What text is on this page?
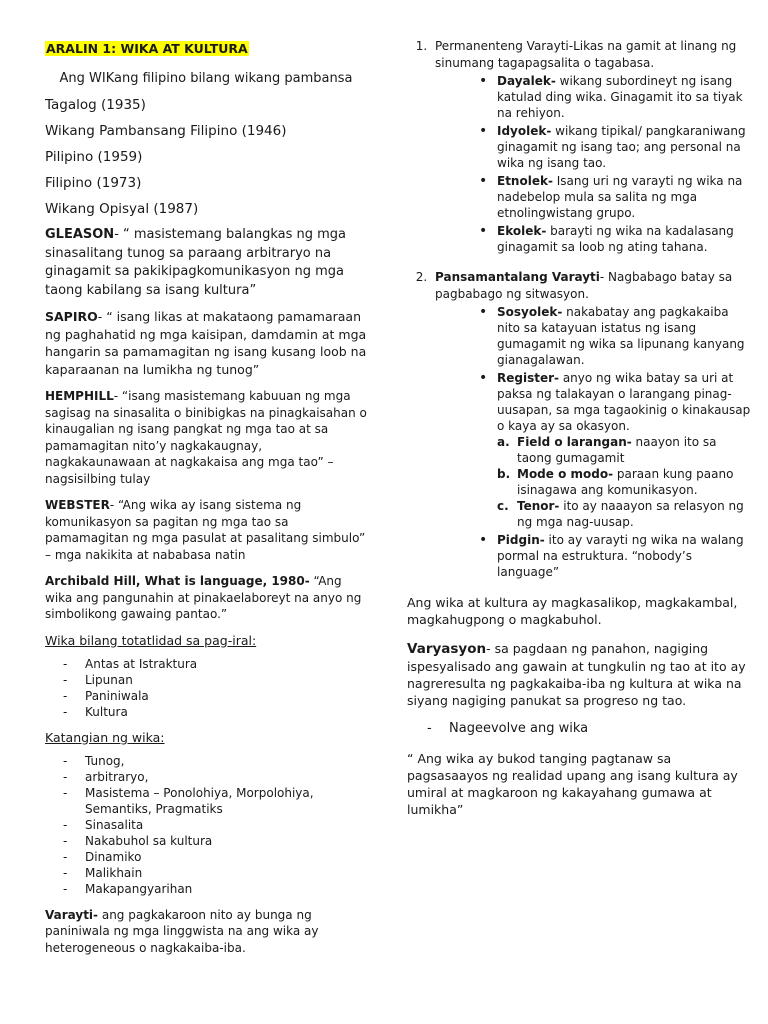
ARALIN 1: WIKA AT KULTURA

Ang WIKang filipino bilang wikang pambansa

Tagalog (1935)

Wikang Pambansang Filipino (1946)

Pilipino (1959)

Filipino (1973)

Wikang Opisyal (1987)

GLEASON- “ masistemang balangkas ng mga sinasalitang tunog sa paraang arbitraryo na ginagamit sa pakikipagkomunikasyon ng mga taong kabilang sa isang kultura”

SAPIRO- “ isang likas at makataong pamamaraan ng paghahatid ng mga kaisipan, damdamin at mga hangarin sa pamamagitan ng isang kusang loob na kaparaanan na lumikha ng tunog”

HEMPHILL- “isang masistemang kabuuan ng mga sagisag na sinasalita o binibigkas na pinagkaisahan o kinaugalian ng isang pangkat ng mga tao at sa pamamagitan nito’y nagkakaugnay, nagkakaunawaan at nagkakaisa ang mga tao” – nagsisilbing tulay

WEBSTER- “Ang wika ay isang sistema ng komunikasyon sa pagitan ng mga tao sa pamamagitan ng mga pasulat at pasalitang simbulo” – mga nakikita at nababasa natin

Archibald Hill, What is language, 1980- “Ang wika ang pangunahin at pinakaelaboreyt na anyo ng simbolikong gawaing pantao.”

Wika bilang totatlidad sa pag-iral:

- Antas at Istraktura
- Lipunan
- Paniniwala
- Kultura

Katangian ng wika:

- Tunog,
- arbitraryo,
- Masistema – Ponolohiya, Morpolohiya, Semantiks, Pragmatiks
- Sinasalita
- Nakabuhol sa kultura
- Dinamiko
- Malikhain
- Makapangyarihan

Varayti- ang pagkakaroon nito ay bunga ng paniniwala ng mga linggwista na ang wika ay heterogeneous o nagkakaiba-iba.

1. Permanenteng Varayti-Likas na gamit at linang ng sinumang tagapagsalita o tagabasa.
• Dayalek- wikang subordineyt ng isang katulad ding wika. Ginagamit ito sa tiyak na rehiyon.
• Idyolek- wikang tipikal/ pangkaraniwang ginagamit ng isang tao; ang personal na wika ng isang tao.
• Etnolek- Isang uri ng varayti ng wika na nadebelop mula sa salita ng mga etnolingwistang grupo.
• Ekolek- barayti ng wika na kadalasang ginagamit sa loob ng ating tahana.
2. Pansamantalang Varayti- Nagbabago batay sa pagbabago ng sitwasyon.
• Sosyolek- nakabatay ang pagkakaiba nito sa katayuan istatus ng isang gumagamit ng wika sa lipunang kanyang gianagalawan.
• Register- anyo ng wika batay sa uri at paksa ng talakayan o larangang pinag-uusapan, sa mga tagaokinig o kinakausap o kaya ay sa okasyon.
a. Field o larangan- naayon ito sa taong gumagamit
b. Mode o modo- paraan kung paano isinagawa ang komunikasyon.
c. Tenor- ito ay naaayon sa relasyon ng ng mga nag-uusap.
• Pidgin- ito ay varayti ng wika na walang pormal na estruktura. “nobody’s language”

Ang wika at kultura ay magkasalikop, magkakambal, magkahugpong o magkabuhol.

Varyasyon- sa pagdaan ng panahon, nagiging ispesyalisado ang gawain at tungkulin ng tao at ito ay nagreresulta ng pagkakaiba-iba ng kultura at wika na siyang nagiging panukat sa progreso ng tao.

- Nageevolve ang wika

“ Ang wika ay bukod tanging pagtanaw sa pagsasaayos ng realidad upang ang isang kultura ay umiral at magkaroon ng kakayahang gumawa at lumikha”
